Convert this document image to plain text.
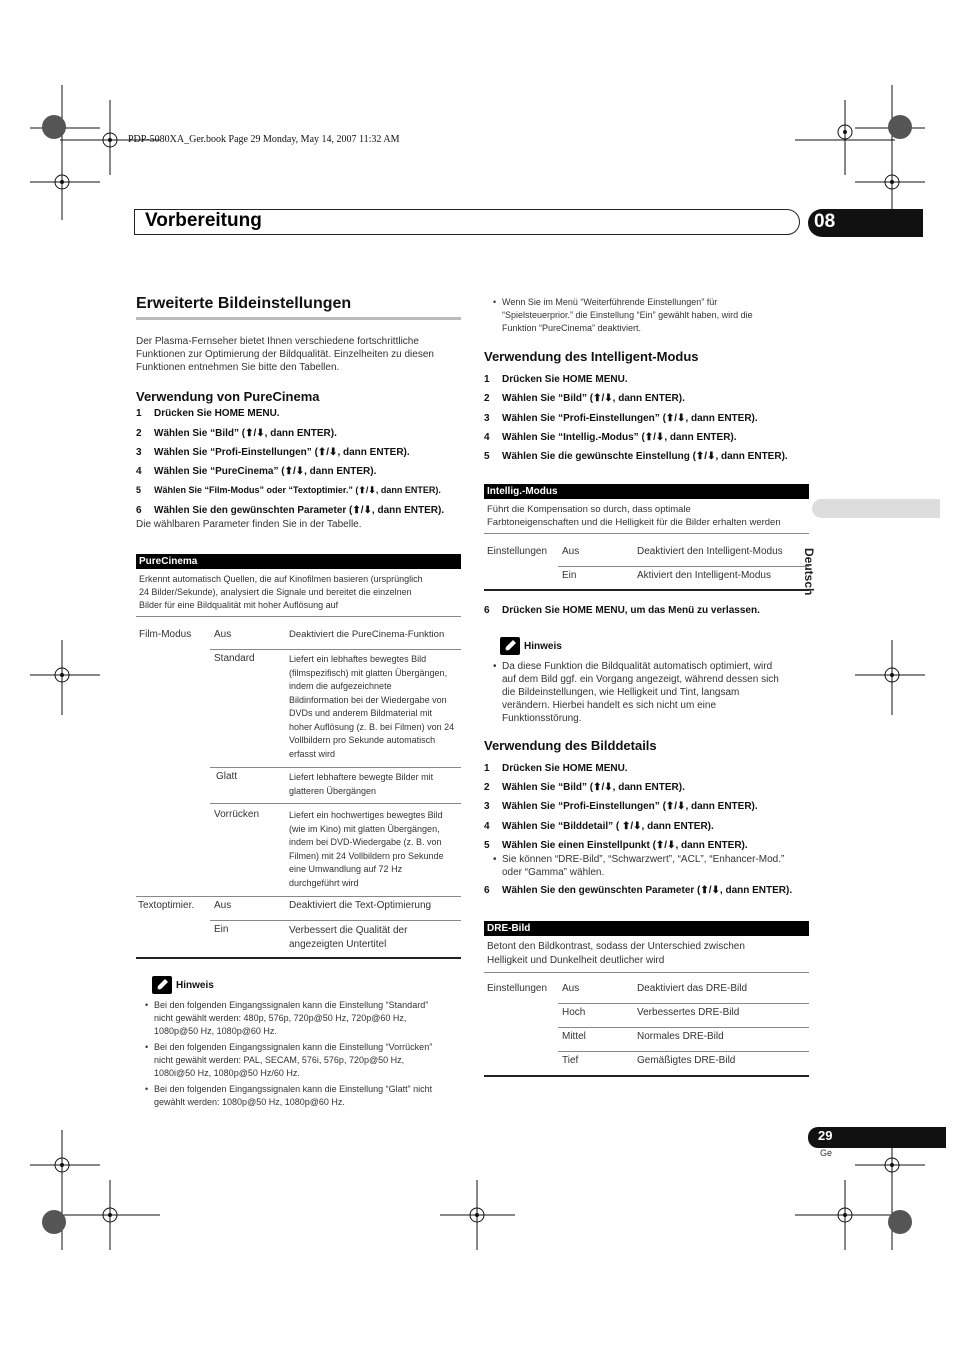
PDP-5080XA_Ger.book Page 29 Monday, May 14, 2007 11:32 AM
Vorbereitung	08
Deutsch
Erweiterte Bildeinstellungen
Der Plasma-Fernseher bietet Ihnen verschiedene fortschrittliche
Funktionen zur Optimierung der Bildqualität. Einzelheiten zu diesen
Funktionen entnehmen Sie bitte den Tabellen.
Verwendung von PureCinema
1 Drücken Sie HOME MENU.
2 Wählen Sie “Bild” (⬆/⬇, dann ENTER).
3 Wählen Sie “Profi-Einstellungen” (⬆/⬇, dann ENTER).
4 Wählen Sie “PureCinema” (⬆/⬇, dann ENTER).
5 Wählen Sie “Film-Modus” oder “Textoptimier.” (⬆/⬇, dann ENTER).
6 Wählen Sie den gewünschten Parameter (⬆/⬇, dann ENTER).
Die wählbaren Parameter finden Sie in der Tabelle.
PureCinema
Erkennt automatisch Quellen, die auf Kinofilmen basieren (ursprünglich
24 Bilder/Sekunde), analysiert die Signale und bereitet die einzelnen
Bilder für eine Bildqualität mit hoher Auflösung auf
Film-Modus Aus	Deaktiviert die PureCinema-Funktion
Standard	Liefert ein lebhaftes bewegtes Bild
(filmspezifisch) mit glatten Übergängen,
indem die aufgezeichnete
Bildinformation bei der Wiedergabe von
DVDs und anderem Bildmaterial mit
hoher Auflösung (z. B. bei Filmen) von 24
Vollbildern pro Sekunde automatisch
erfasst wird
Glatt	Liefert lebhaftere bewegte Bilder mit
glatteren Übergängen
Vorrücken	Liefert ein hochwertiges bewegtes Bild
(wie im Kino) mit glatten Übergängen,
indem bei DVD-Wiedergabe (z. B. von
Filmen) mit 24 Vollbildern pro Sekunde
eine Umwandlung auf 72 Hz
durchgeführt wird
Textoptimier. Aus	Deaktiviert die Text-Optimierung
Ein	Verbessert die Qualität der
angezeigten Untertitel
Hinweis
• Bei den folgenden Eingangssignalen kann die Einstellung “Standard”
nicht gewählt werden: 480p, 576p, 720p@50 Hz, 720p@60 Hz,
1080p@50 Hz, 1080p@60 Hz.
• Bei den folgenden Eingangssignalen kann die Einstellung “Vorrücken”
nicht gewählt werden: PAL, SECAM, 576i, 576p, 720p@50 Hz,
1080i@50 Hz, 1080p@50 Hz/60 Hz.
• Bei den folgenden Eingangssignalen kann die Einstellung “Glatt” nicht
gewählt werden: 1080p@50 Hz, 1080p@60 Hz.
• Wenn Sie im Menü “Weiterführende Einstellungen” für
“Spielsteuerprior.” die Einstellung “Ein” gewählt haben, wird die
Funktion “PureCinema” deaktiviert.
Verwendung des Intelligent-Modus
1 Drücken Sie HOME MENU.
2 Wählen Sie “Bild” (⬆/⬇, dann ENTER).
3 Wählen Sie “Profi-Einstellungen” (⬆/⬇, dann ENTER).
4 Wählen Sie “Intellig.-Modus” (⬆/⬇, dann ENTER).
5 Wählen Sie die gewünschte Einstellung (⬆/⬇, dann ENTER).
Intellig.-Modus
Führt die Kompensation so durch, dass optimale
Farbtoneigenschaften und die Helligkeit für die Bilder erhalten werden
Einstellungen Aus	Deaktiviert den Intelligent-Modus
Ein	Aktiviert den Intelligent-Modus
6 Drücken Sie HOME MENU, um das Menü zu verlassen.
Hinweis
• Da diese Funktion die Bildqualität automatisch optimiert, wird
auf dem Bild ggf. ein Vorgang angezeigt, während dessen sich
die Bildeinstellungen, wie Helligkeit und Tint, langsam
verändern. Hierbei handelt es sich nicht um eine
Funktionsstörung.
Verwendung des Bilddetails
1 Drücken Sie HOME MENU.
2 Wählen Sie “Bild” (⬆/⬇, dann ENTER).
3 Wählen Sie “Profi-Einstellungen” (⬆/⬇, dann ENTER).
4 Wählen Sie “Bilddetail” ( ⬆/⬇, dann ENTER).
5 Wählen Sie einen Einstellpunkt (⬆/⬇, dann ENTER).
• Sie können “DRE-Bild”, “Schwarzwert”, “ACL”, “Enhancer-Mod.”
oder “Gamma” wählen.
6 Wählen Sie den gewünschten Parameter (⬆/⬇, dann ENTER).
DRE-Bild
Betont den Bildkontrast, sodass der Unterschied zwischen
Helligkeit und Dunkelheit deutlicher wird
Einstellungen Aus	Deaktiviert das DRE-Bild
Hoch	Verbessertes DRE-Bild
Mittel	Normales DRE-Bild
Tief	Gemäßigtes DRE-Bild
29
Ge
